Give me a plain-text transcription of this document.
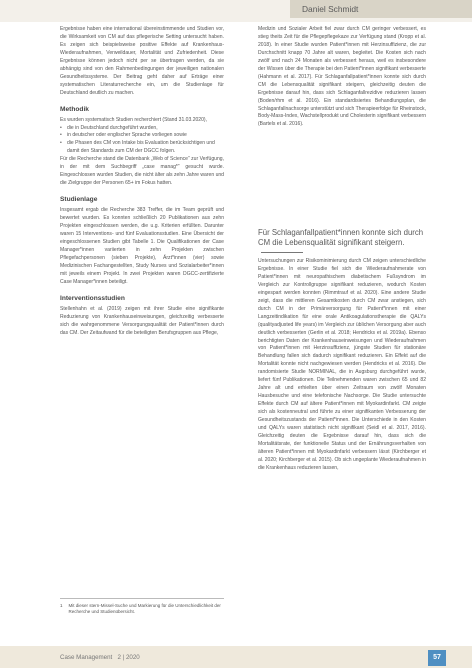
Daniel Schmidt

Ergebnisse haben eine international übereinstimmende und Studien vor, die Wirksamkeit von CM auf das pflegerische Setting untersucht haben. Es zeigen sich beispielsweise positive Effekte auf Krankenhaus-Wiederaufnahmen, Verweildauer, Mortalität und Zufriedenheit. Diese Ergebnisse können jedoch nicht per se übertragen werden, da sie abhängig sind von den Rahmenbedingungen der jeweiligen nationalen Gesundheitssysteme. Der Beitrag geht daher auf Erträge einer systematischen Literaturrecherche ein, um die Studienlage für Deutschland deutlich zu machen.

Methodik

Es wurden systematisch Studien recherchiert (Stand 31.03.2020),

• die in Deutschland durchgeführt wurden,
• in deutscher oder englischer Sprache vorliegen sowie
• die Phasen des CM von Intake bis Evaluation berücksichtigen und damit den Standards zum CM der DGCC folgen.

Für die Recherche stand die Datenbank „Web of Science“ zur Verfügung, in der mit dem Suchbegriff „case manag*“ gesucht wurde. Eingeschlossen wurden Studien, die nicht älter als zehn Jahre waren und die Zielgruppe der Personen 65+ im Fokus hatten.

Studienlage

Insgesamt ergab die Recherche 383 Treffer, die im Team geprüft und bewertet wurden. Es konnten schließlich 20 Publikationen aus zehn Projekten eingeschlossen werden, die u.g. Kriterien erfüllten. Darunter waren 15 Interventions- und fünf Evaluationsstudien. Eine Übersicht der eingeschlossenen Studien gibt Tabelle 1. Die Qualifikationen der Case Manager*innen variierten in zehn Projekten zwischen Pflegefachpersonen (sieben Projekte), Ärzt*innen (vier) sowie Medizinischen Fachangestellten, Study Nurses und Sozialarbeiter*innen mit jeweils einem Projekt. In zwei Projekten waren DGCC-zertifizierte Case Manager*innen beteiligt.

Interventionsstudien

Stellenhahn et al. (2019) zeigen mit ihrer Studie eine signifikante Reduzierung von Krankenhauseinweisungen, gleichzeitig verbesserte sich die wahrgenommene Versorgungsqualität der Patient*innen durch das CM. Der Zeitaufwand für die beteiligten Berufsgruppen aus Pflege,

1 Mit dieser stern-Missel-Suche und Markierung für die Unterschiedlichkeit der Recherche und Studienübersicht.

Medizin und Sozialer Arbeit fiel zwar durch CM geringer verbessert, es stieg theits Zeit für die Pflegepflegekaze zur Verfügung stand (Kropp et al. 2018). In einer Studie wurden Patient*innen mit Herzinsuffizienz, die zur Durchschnitt knapp 70 Jahre alt waren, begleitet. Die Kosten sich nach zwölf und nach 24 Monaten als verbessert heraus, weil es insbesondere der Wissen über die Therapie bei den Patient*innen signifikant verbesserte (Hahmann et al. 2017). Für Schlaganfallpatient*innen konnte sich durch CM die Lebensqualität signifikant steigern, gleichzeitig deuten die Ergebnisse darauf hin, dass sich Schlaganfallrezidive reduzieren lassen (Boden/rhm et al. 2016). Ein standardisiertes Behandlungsplan, die Schlaganfallnachsorge unterstützt und sich Therapieerfolge für Rheinstock, Body-Mass-Index, Wachstellprodukt und Cholesterin signifikant verbessern (Bartels et al. 2016).

Für Schlaganfallpatient*innen konnte sich durch CM die Lebensqualität signifikant steigern.

Untersuchungen zur Risikominimierung durch CM zeigen unterschiedliche Ergebnisse. In einer Studie fiel sich die Wiederaufnahmerate von Patient*innen mit neuropathischem diabetischem Fußsyndrom im Vergleich zur Kontrollgruppe signifikant reduzieren, wodurch Kosten eingespart werden konnten (Rimmtrauf et al. 2020). Eine andere Studie zeigt, dass die mittleren Gesamtkosten durch CM zwar anstiegen, sich durch CM in der Primärversorgung für Patient*innen mit einer Langzeitindikation für eine orale Antikoagulationstherapie die QALYs (qualityadjusted life years) im Vergleich zur üblichen Versorgung aber auch deutlich verbesserten (Gerlin et al. 2018; Hendricks et al. 2019a). Ebenso berichtigten Daten der Krankenhauseinweisungen und Wiederaufnahmen von Patient*innen mit Herzinsuffizienz, jüngste Studien für stationäre Behandlung fallen sich dadurch signifikant reduzieren. Ein Effekt auf die Mortalität konnte nicht nachgewiesen werden (Hendricks et al. 2016). Die randomisierte Studie NORMINAL, die in Augsburg durchgeführt wurde, liefert fünf Publikationen. Die Teilnehmenden waren zwischen 65 und 82 Jahre alt und erhielten über einen Zeitraum von zwölf Monaten Hausbesuche und eine telefonische Nachsorge. Die Studie untersuchte Effekte durch CM auf ältere Patient*innen mit Myokardinfarkt. CM zeigte sich als kostenneutral und führte zu einer signifikanten Verbesserung der Gesundheitszustands der Patient*innen. Die Unterschiede in den Kosten und QALYs waren statistisch nicht signifikant (Seidl et al. 2017, 2016). Gleichzeitig deuten die Ergebnisse darauf hin, dass sich die Mortalitätsrate, der funktionelle Status und der Ernährungsverhalten von älteren Patient*innen mit Myokardinfarkt verbessern lässt (Kirchberger et al. 2020; Kirchberger et al. 2015). Ob sich ungeplante Wiederaufnahmen in die Krankenhaus reduzieren lassen,

Case Management 2 | 2020	57
